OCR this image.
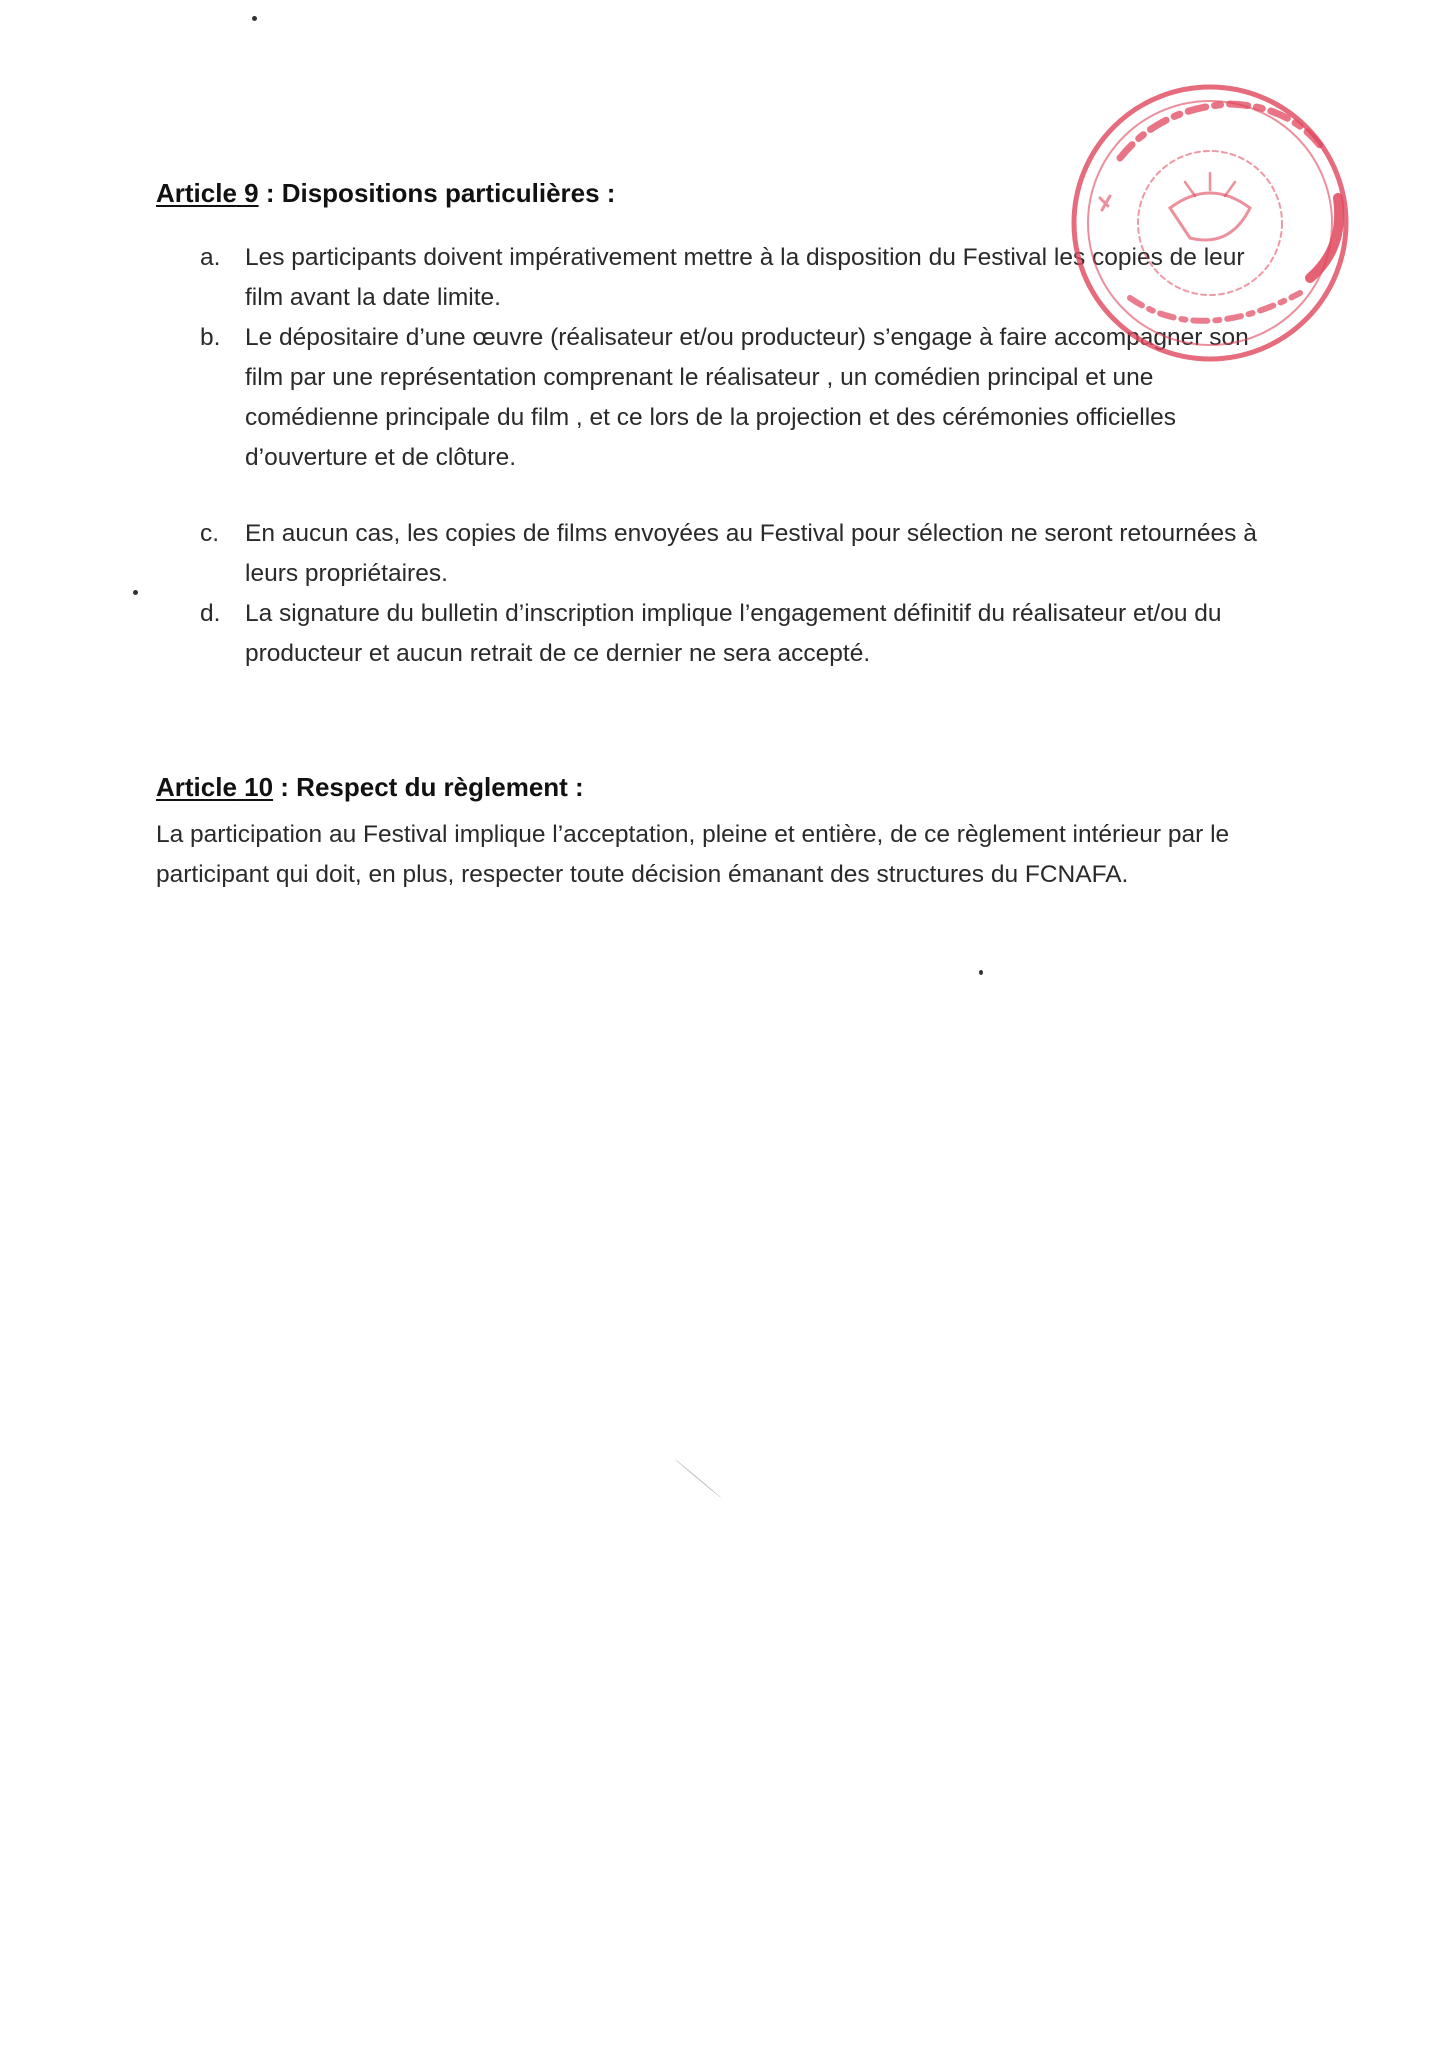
Article 9 : Dispositions particulières :
a. Les participants doivent impérativement mettre à la disposition du Festival les copies de leur film avant la date limite.
b. Le dépositaire d’une œuvre (réalisateur et/ou producteur) s’engage à faire accompagner son film par une représentation comprenant le réalisateur , un comédien principal et une comédienne principale du film , et ce lors de la projection et des cérémonies officielles d’ouverture et de clôture.
c. En aucun cas, les copies de films envoyées au Festival pour sélection ne seront retournées à leurs propriétaires.
d. La signature du bulletin d’inscription implique l’engagement définitif du réalisateur et/ou du producteur et aucun retrait de ce dernier ne sera accepté.
Article 10 : Respect du règlement :

La participation au Festival implique l’acceptation, pleine et entière, de ce règlement intérieur par le participant qui doit, en plus, respecter toute décision émanant des structures du FCNAFA.
